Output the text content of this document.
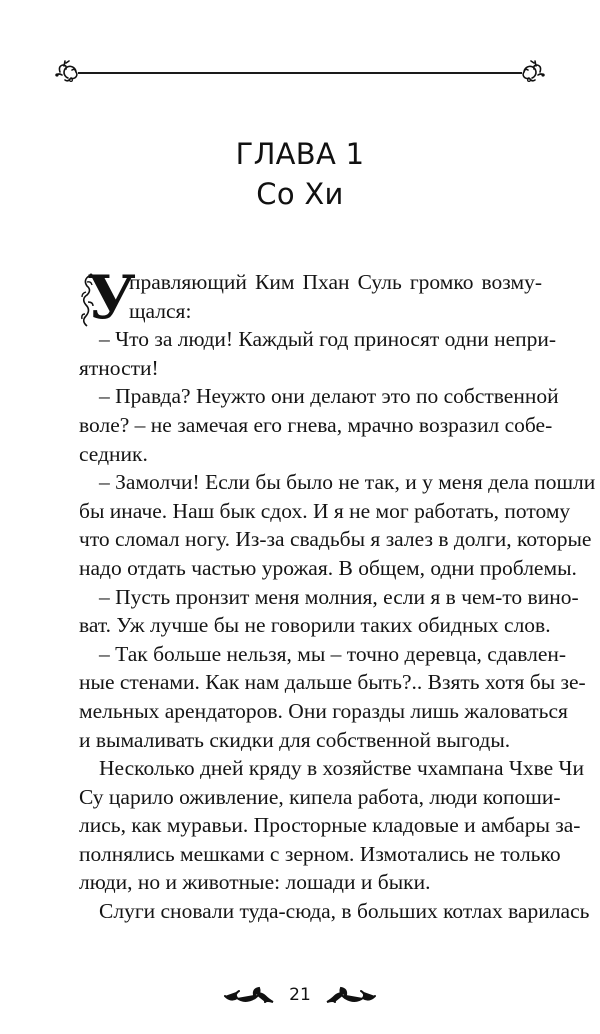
ГЛАВА 1
Со Хи
У
правляющий Ким Пхан Суль громко возму-
щался:
– Что за люди! Каждый год приносят одни непри-
ятности!
– Правда? Неужто они делают это по собственной
воле? – не замечая его гнева, мрачно возразил собе-
седник.
– Замолчи! Если бы было не так, и у меня дела пошли
бы иначе. Наш бык сдох. И я не мог работать, потому
что сломал ногу. Из-за свадьбы я залез в долги, которые
надо отдать частью урожая. В общем, одни проблемы.
– Пусть пронзит меня молния, если я в чем-то вино-
ват. Уж лучше бы не говорили таких обидных слов.
– Так больше нельзя, мы – точно деревца, сдавлен-
ные стенами. Как нам дальше быть?.. Взять хотя бы зе-
мельных арендаторов. Они горазды лишь жаловаться
и вымаливать скидки для собственной выгоды.
Несколько дней кряду в хозяйстве чхампана Чхве Чи
Су царило оживление, кипела работа, люди копоши-
лись, как муравьи. Просторные кладовые и амбары за-
полнялись мешками с зерном. Измотались не только
люди, но и животные: лошади и быки.
Слуги сновали туда-сюда, в больших котлах варилась
21
